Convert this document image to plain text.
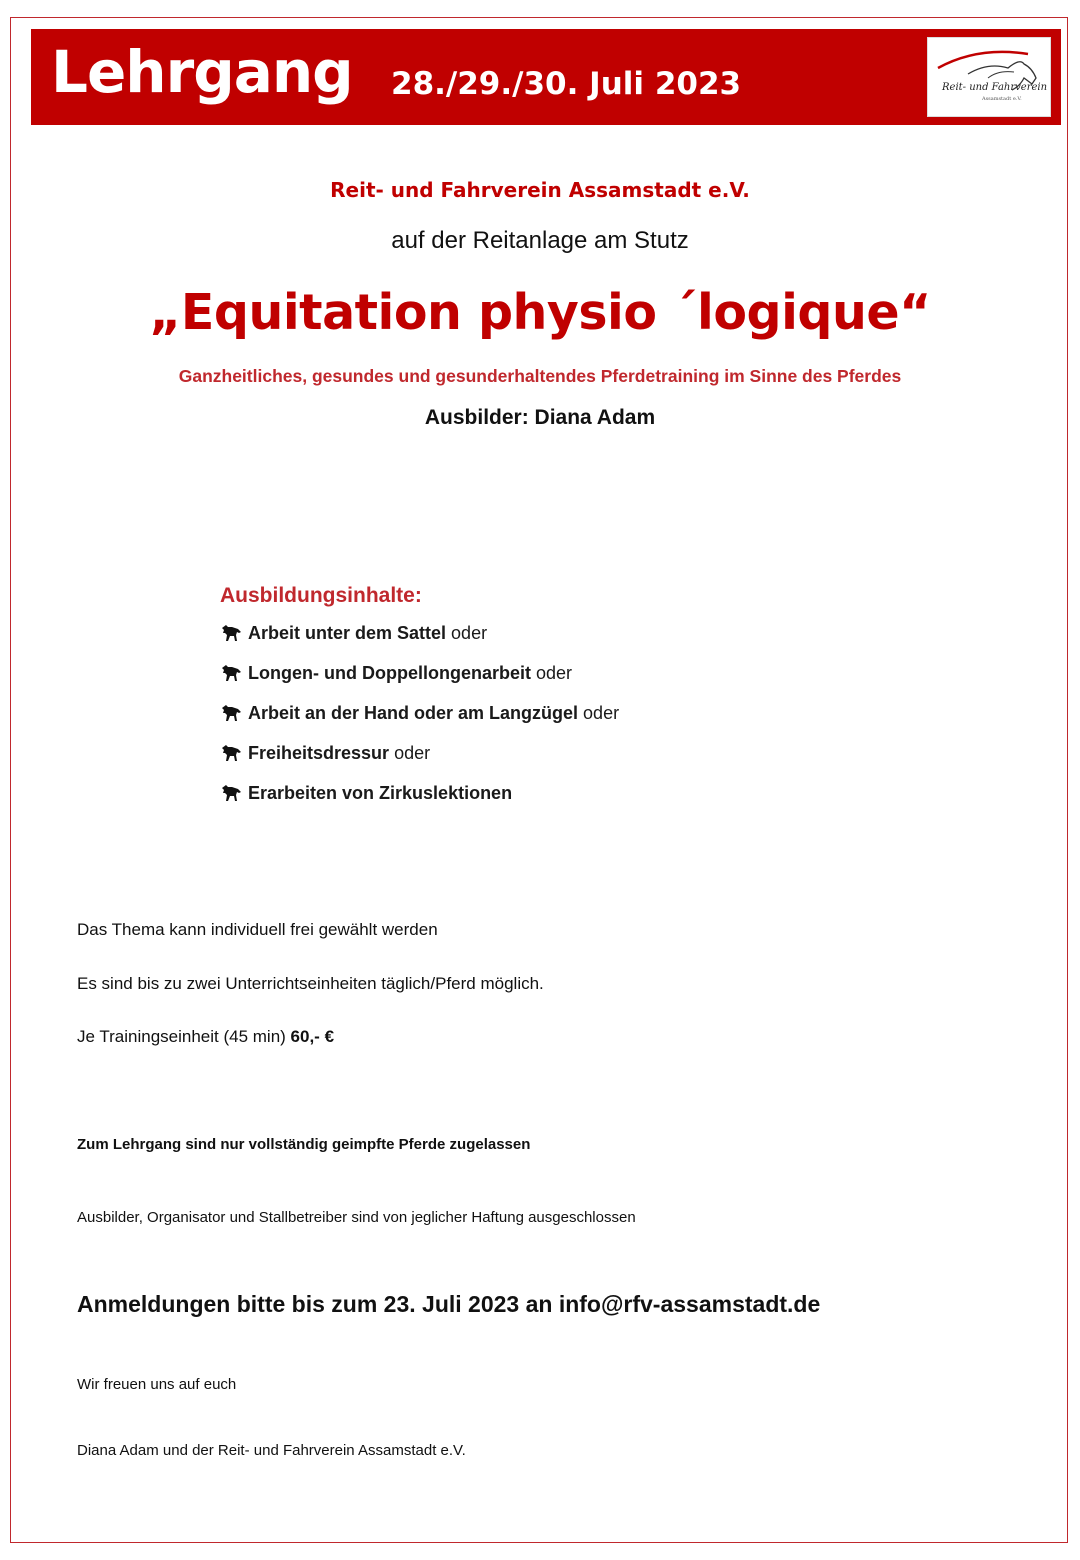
Lehrgang 28./29./30. Juli 2023	Reit- und Fahrverein
Assamstadt e.V.
Reit- und Fahrverein Assamstadt e.V.
auf der Reitanlage am Stutz
„Equitation physio ´logique“
Ganzheitliches, gesundes und gesunderhaltendes Pferdetraining im Sinne des Pferdes
Ausbilder: Diana Adam
Ausbildungsinhalte:
Arbeit unter dem Sattel oder
Longen- und Doppellongenarbeit oder
Arbeit an der Hand oder am Langzügel oder
Freiheitsdressur oder
Erarbeiten von Zirkuslektionen
Das Thema kann individuell frei gewählt werden
Es sind bis zu zwei Unterrichtseinheiten täglich/Pferd möglich.
Je Trainingseinheit (45 min) 60,- €
Zum Lehrgang sind nur vollständig geimpfte Pferde zugelassen
Ausbilder, Organisator und Stallbetreiber sind von jeglicher Haftung ausgeschlossen
Anmeldungen bitte bis zum 23. Juli 2023 an info@rfv-assamstadt.de
Wir freuen uns auf euch
Diana Adam und der Reit- und Fahrverein Assamstadt e.V.
